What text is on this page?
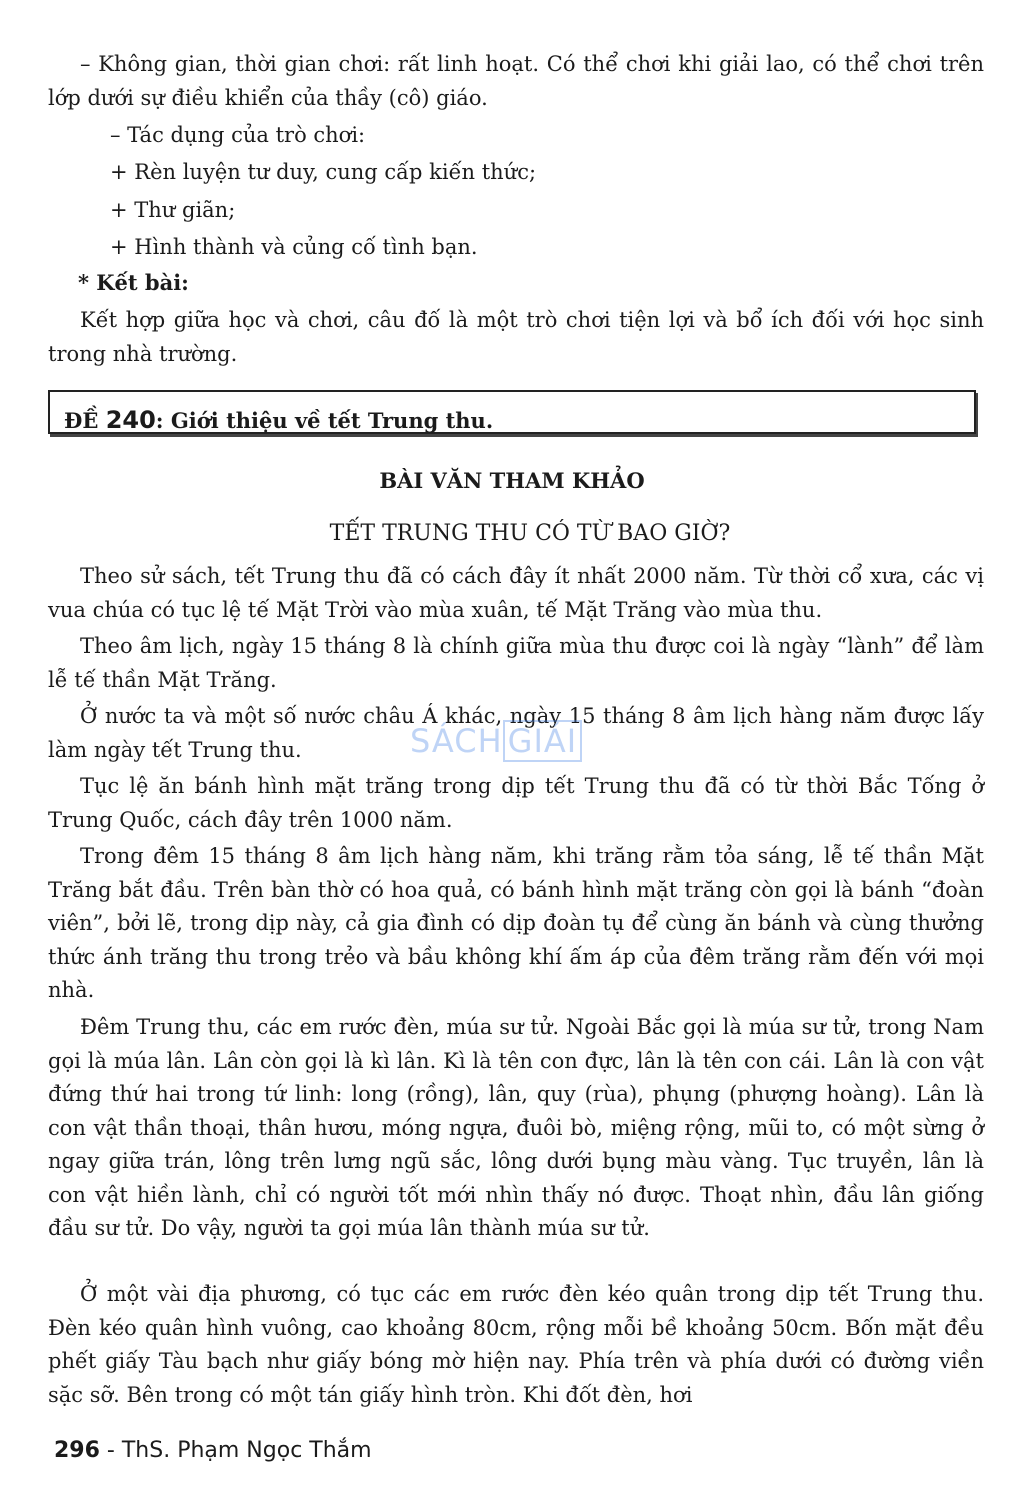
– Không gian, thời gian chơi: rất linh hoạt. Có thể chơi khi giải lao, có thể chơi trên lớp dưới sự điều khiển của thầy (cô) giáo.

– Tác dụng của trò chơi:

+ Rèn luyện tư duy, cung cấp kiến thức;

+ Thư giãn;

+ Hình thành và củng cố tình bạn.

* Kết bài:

Kết hợp giữa học và chơi, câu đố là một trò chơi tiện lợi và bổ ích đối với học sinh trong nhà trường.

ĐỀ 240: Giới thiệu về tết Trung thu.

BÀI VĂN THAM KHẢO

TẾT TRUNG THU CÓ TỪ BAO GIỜ?

Theo sử sách, tết Trung thu đã có cách đây ít nhất 2000 năm. Từ thời cổ xưa, các vị vua chúa có tục lệ tế Mặt Trời vào mùa xuân, tế Mặt Trăng vào mùa thu.

Theo âm lịch, ngày 15 tháng 8 là chính giữa mùa thu được coi là ngày “lành” để làm lễ tế thần Mặt Trăng.

Ở nước ta và một số nước châu Á khác, ngày 15 tháng 8 âm lịch hàng năm được lấy làm ngày tết Trung thu.

Tục lệ ăn bánh hình mặt trăng trong dịp tết Trung thu đã có từ thời Bắc Tống ở Trung Quốc, cách đây trên 1000 năm.

Trong đêm 15 tháng 8 âm lịch hàng năm, khi trăng rằm tỏa sáng, lễ tế thần Mặt Trăng bắt đầu. Trên bàn thờ có hoa quả, có bánh hình mặt trăng còn gọi là bánh “đoàn viên”, bởi lẽ, trong dịp này, cả gia đình có dịp đoàn tụ để cùng ăn bánh và cùng thưởng thức ánh trăng thu trong trẻo và bầu không khí ấm áp của đêm trăng rằm đến với mọi nhà.

Đêm Trung thu, các em rước đèn, múa sư tử. Ngoài Bắc gọi là múa sư tử, trong Nam gọi là múa lân. Lân còn gọi là kì lân. Kì là tên con đực, lân là tên con cái. Lân là con vật đứng thứ hai trong tứ linh: long (rồng), lân, quy (rùa), phụng (phượng hoàng). Lân là con vật thần thoại, thân hươu, móng ngựa, đuôi bò, miệng rộng, mũi to, có một sừng ở ngay giữa trán, lông trên lưng ngũ sắc, lông dưới bụng màu vàng. Tục truyền, lân là con vật hiền lành, chỉ có người tốt mới nhìn thấy nó được. Thoạt nhìn, đầu lân giống đầu sư tử. Do vậy, người ta gọi múa lân thành múa sư tử.

Ở một vài địa phương, có tục các em rước đèn kéo quân trong dịp tết Trung thu. Đèn kéo quân hình vuông, cao khoảng 80cm, rộng mỗi bề khoảng 50cm. Bốn mặt đều phết giấy Tàu bạch như giấy bóng mờ hiện nay. Phía trên và phía dưới có đường viền sặc sỡ. Bên trong có một tán giấy hình tròn. Khi đốt đèn, hơi

SÁCH GIẢI
296 - ThS. Phạm Ngọc Thắm
